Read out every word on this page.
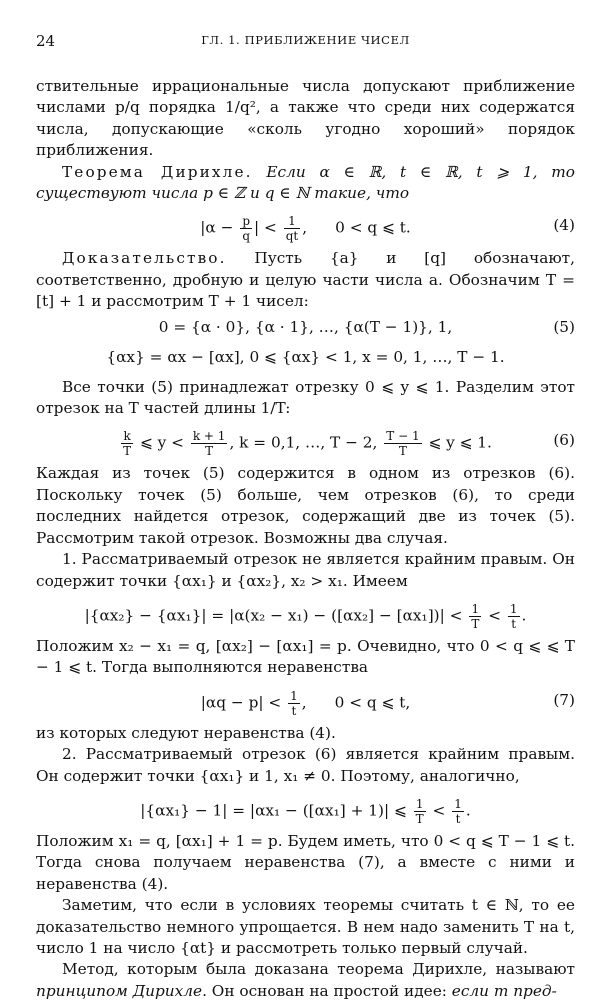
24	ГЛ. 1. ПРИБЛИЖЕНИЕ ЧИСЕЛ

ствительные иррациональные числа допускают приближение числами p/q порядка 1/q², а также что среди них содержатся числа, допускающие «сколь угодно хороший» порядок приближения.

Теорема Дирихле. Если α ∈ ℝ, t ∈ ℝ, t ⩾ 1, то существуют числа p ∈ ℤ и q ∈ ℕ такие, что

$|\alpha - \frac{p}{q}$ | < $\frac{1}{qt}$ , 0 < q ⩽ t.	(4)

Доказательство. Пусть {a} и [q] обозначают, соответственно, дробную и целую части числа a. Обозначим T = [t] + 1 и рассмотрим T + 1 чисел:

0 = {α · 0}, {α · 1}, …, {α(T − 1)}, 1,	(5)
{αx} = αx − [αx], 0 ⩽ {αx} < 1, x = 0, 1, …, T − 1.

Все точки (5) принадлежат отрезку 0 ⩽ y ⩽ 1. Разделим этот отрезок на T частей длины 1/T:

$\frac{k}{T}$ ⩽ $y < \frac{k + 1}{T}$ , k = 0,1, …, T − 2, $\frac{T - 1}{T}$ ⩽ y ⩽ 1.	(6)

Каждая из точек (5) содержится в одном из отрезков (6). Поскольку точек (5) больше, чем отрезков (6), то среди последних найдется отрезок, содержащий две из точек (5). Рассмотрим такой отрезок. Возможны два случая.

1. Рассматриваемый отрезок не является крайним правым. Он содержит точки {αx₁} и {αx₂}, x₂ > x₁. Имеем

$|\{\alpha x_2\} - \{\alpha x_1\}| = |\alpha(x_2 - x_1) - ([\alpha x_2] - [\alpha x_1])| < \frac{1}{T} < \frac{1}{t}$ .

Положим x₂ − x₁ = q, [αx₂] − [αx₁] = p. Очевидно, что 0 < q ⩽ ⩽ T − 1 ⩽ t. Тогда выполняются неравенства

$|\alpha q - p| < \frac{1}{t}$ , 0 < q ⩽ t,	(7)

из которых следуют неравенства (4).

2. Рассматриваемый отрезок (6) является крайним правым. Он содержит точки {αx₁} и 1, x₁ ≠ 0. Поэтому, аналогично,

|{αx₁} − 1| = |αx₁ − ([αx₁] + 1)| ⩽ $\frac{1}{T} < \frac{1}{t}$ .

Положим x₁ = q, [αx₁] + 1 = p. Будем иметь, что 0 < q ⩽ T − 1 ⩽ t. Тогда снова получаем неравенства (7), а вместе с ними и неравенства (4).

Заметим, что если в условиях теоремы считать t ∈ ℕ, то ее доказательство немного упрощается. В нем надо заменить T на t, число 1 на число {αt} и рассмотреть только первый случай.

Метод, которым была доказана теорема Дирихле, называют принципом Дирихле. Он основан на простой идее: если m пред-
